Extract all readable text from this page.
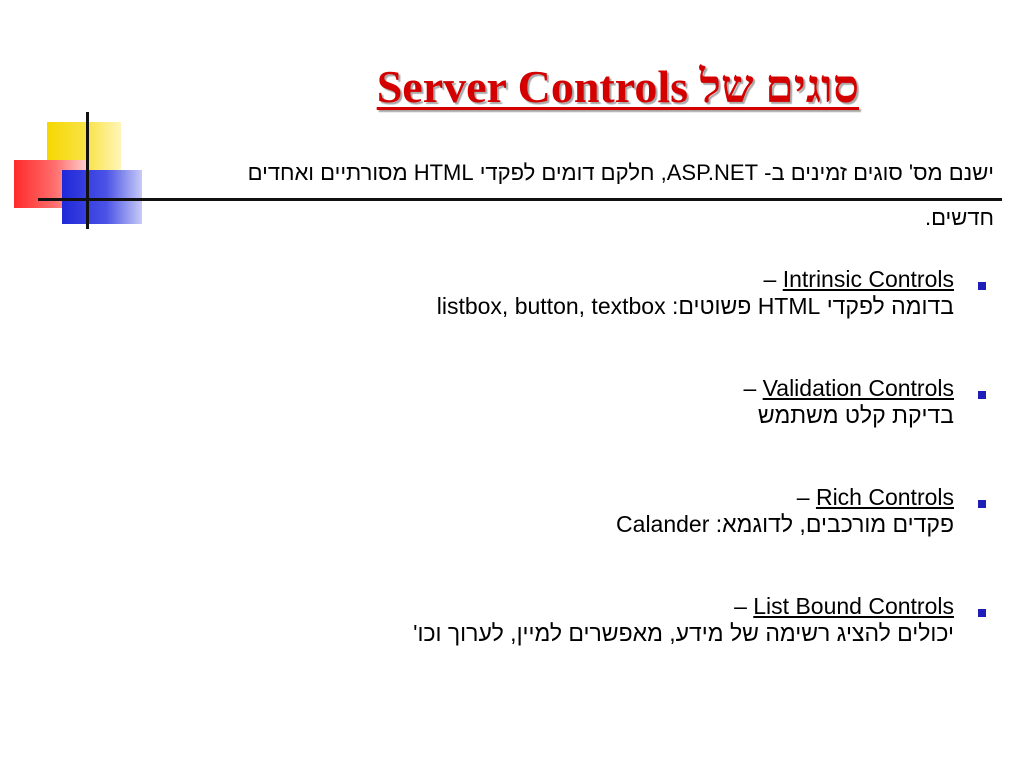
סוגים של Server Controls
ישנם מס' סוגים זמינים ב- ASP.NET, חלקם דומים לפקדי HTML מסורתיים ואחדים חדשים.
Intrinsic Controls –
בדומה לפקדי HTML פשוטים: listbox, button, textbox
Validation Controls –
בדיקת קלט משתמש
Rich Controls –
פקדים מורכבים, לדוגמא: Calander
List Bound Controls –
יכולים להציג רשימה של מידע, מאפשרים למיין, לערוך וכו'
